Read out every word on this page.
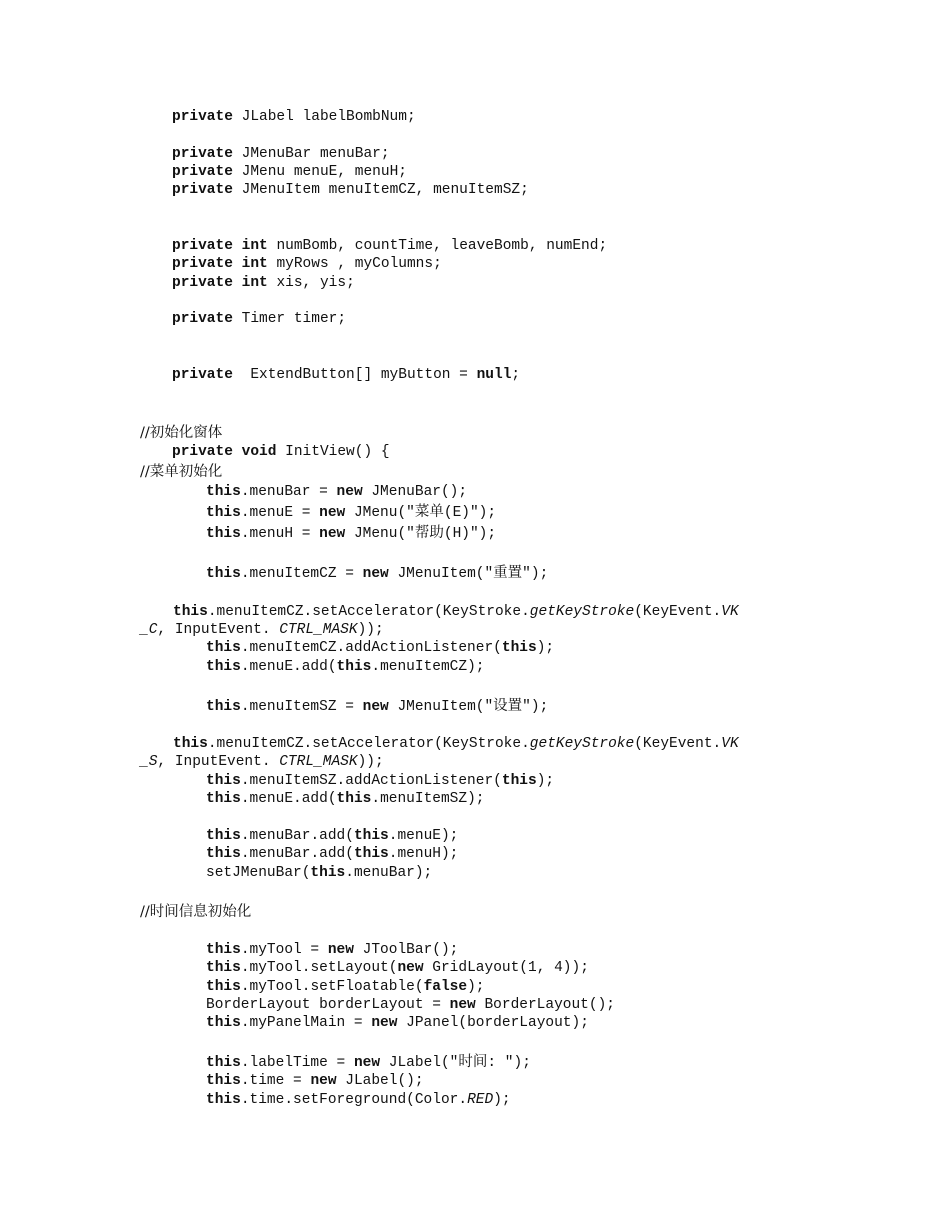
private JLabel labelBombNum;
private JMenuBar menuBar;
private JMenu menuE, menuH;
private JMenuItem menuItemCZ, menuItemSZ;
private int numBomb, countTime, leaveBomb, numEnd;
private int myRows , myColumns;
private int xis, yis;
private Timer timer;
private ExtendButton[] myButton = null;
//初始化窗体
private void InitView() {
//菜单初始化
this.menuBar = new JMenuBar();
this.menuE = new JMenu("菜单(E)");
this.menuH = new JMenu("帮助(H)");
this.menuItemCZ = new JMenuItem("重置");
this.menuItemCZ.setAccelerator(KeyStroke.getKeyStroke(KeyEvent.VK
_C, InputEvent. CTRL_MASK));
this.menuItemCZ.addActionListener(this);
this.menuE.add(this.menuItemCZ);
this.menuItemSZ = new JMenuItem("设置");
this.menuItemCZ.setAccelerator(KeyStroke.getKeyStroke(KeyEvent.VK
_S, InputEvent. CTRL_MASK));
this.menuItemSZ.addActionListener(this);
this.menuE.add(this.menuItemSZ);
this.menuBar.add(this.menuE);
this.menuBar.add(this.menuH);
setJMenuBar(this.menuBar);
//时间信息初始化
this.myTool = new JToolBar();
this.myTool.setLayout(new GridLayout(1, 4));
this.myTool.setFloatable(false);
BorderLayout borderLayout = new BorderLayout();
this.myPanelMain = new JPanel(borderLayout);
this.labelTime = new JLabel("时间: ");
this.time = new JLabel();
this.time.setForeground(Color.RED);
